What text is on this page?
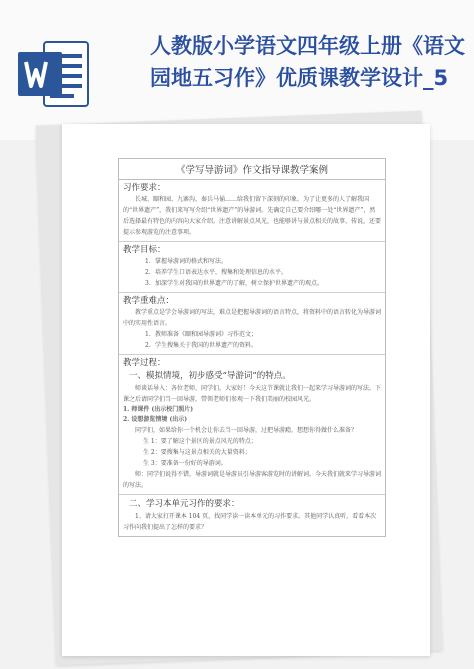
人教版小学语文四年级上册《语文园地五习作》优质课教学设计_5
《学写导游词》作文指导课教学案例
习作要求：
长城、颐和园、九寨沟、秦兵马俑……给我们留下深刻的印象。为了让更多的人了解我国的“世界遗产”，我们来写写介绍“世界遗产”的导游词。先确定自己要介绍哪一处“世界遗产”，然后选择最有特色的内容向大家介绍。注意讲解景点风光，也能够讲与景点相关的故事、传说，还要提示参观游览的注意事项。
教学目标：
1. 掌握导游词的格式和写法。
2. 培养学生口语表达水平，搜集和处理信息的水平。
3. 加深学生对我国的世界遗产的了解，树立保护世界遗产的观点。
教学重难点：
教学重点是学会导游词的写法，难点是把握导游词的语言特点，将资料中的语言转化为导游词中的实用性语言。
1. 教师准备《颐和园导游词》习作范文；
2. 学生搜集关于我国的世界遗产的资料。
教学过程：
一、模拟情境，初步感受“导游词”的特点。
师谈话导入：各位老师、同学们，大家好！今天这节课就让我们一起来学习导游词的写法。下课之后请同学们当一回导游，带领老师们参观一下我们美丽的校园风光。
1. 师课件 (出示校门照片)
2. 设想游览情境 (出示)
同学们，如果给你一个机会让你去当一回导游，过把导游瘾，想想你得做什么准备？
生 1：要了解这个景区的景点风光的特点；
生 2：要搜集与这景点相关的大量资料；
生 3：要准备一份好的导游词。
师：同学们说得不错，导游词就是导游员引导游客游览时的讲解词。今天我们就来学习导游词的写法。
二、学习本单元习作的要求：
1、请大家打开课本 104 页，找同学读一读本单元的习作要求。其他同学认真听，看看本次习作向我们提出了怎样的要求？
